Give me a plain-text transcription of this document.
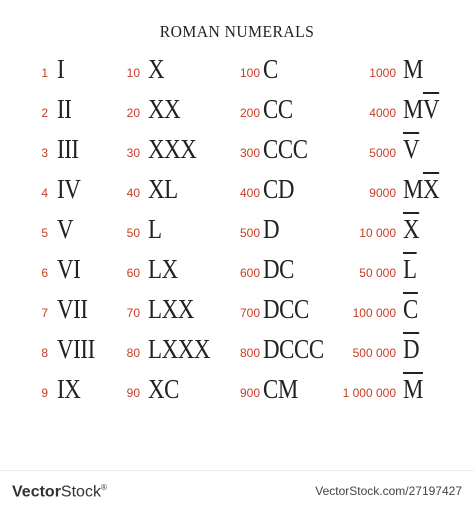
ROMAN NUMERALS
1 I	10 X	100 C	1000 M
2 II	20 XX	200 CC	4000 $M\overline{V}$
3 III	30 XXX	300 CCC	5000 $\overline{V}$
4 IV	40 XL	400 CD	9000 $M\overline{X}$
5 V	50 L	500 D	10 000 $\overline{X}$
6 VI	60 LX	600 DC	50 000 $\overline{L}$
7 VII	70 LXX	700 DCC	100 000 $\overline{C}$
8 VIII	80 LXXX 800 DCCC 500 000 $\overline{D}$
9 IX	90 XC	900 CM	1 000 000 $\overline{M}$
VectorStock®	VectorStock.com/27197427
